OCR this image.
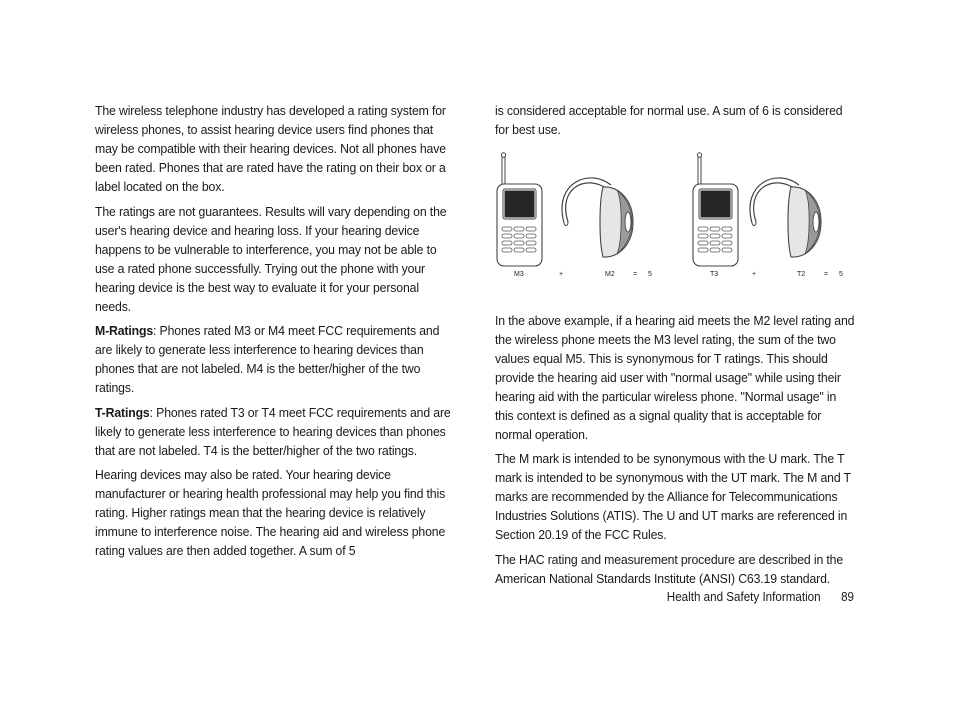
The wireless telephone industry has developed a rating system for wireless phones, to assist hearing device users find phones that may be compatible with their hearing devices. Not all phones have been rated. Phones that are rated have the rating on their box or a label located on the box.

The ratings are not guarantees. Results will vary depending on the user's hearing device and hearing loss. If your hearing device happens to be vulnerable to interference, you may not be able to use a rated phone successfully. Trying out the phone with your hearing device is the best way to evaluate it for your personal needs.

M-Ratings: Phones rated M3 or M4 meet FCC requirements and are likely to generate less interference to hearing devices than phones that are not labeled. M4 is the better/higher of the two ratings.

T-Ratings: Phones rated T3 or T4 meet FCC requirements and are likely to generate less interference to hearing devices than phones that are not labeled. T4 is the better/higher of the two ratings.

Hearing devices may also be rated. Your hearing device manufacturer or hearing health professional may help you find this rating. Higher ratings mean that the hearing device is relatively immune to interference noise. The hearing aid and wireless phone rating values are then added together. A sum of 5

is considered acceptable for normal use. A sum of 6 is considered for best use.

In the above example, if a hearing aid meets the M2 level rating and the wireless phone meets the M3 level rating, the sum of the two values equal M5. This is synonymous for T ratings. This should provide the hearing aid user with "normal usage" while using their hearing aid with the particular wireless phone. "Normal usage" in this context is defined as a signal quality that is acceptable for normal operation.

The M mark is intended to be synonymous with the U mark. The T mark is intended to be synonymous with the UT mark. The M and T marks are recommended by the Alliance for Telecommunications Industries Solutions (ATIS). The U and UT marks are referenced in Section 20.19 of the FCC Rules.

The HAC rating and measurement procedure are described in the American National Standards Institute (ANSI) C63.19 standard.

M3	+	M2	= 5	T3	+	T2	= 5
Health and Safety Information 89
